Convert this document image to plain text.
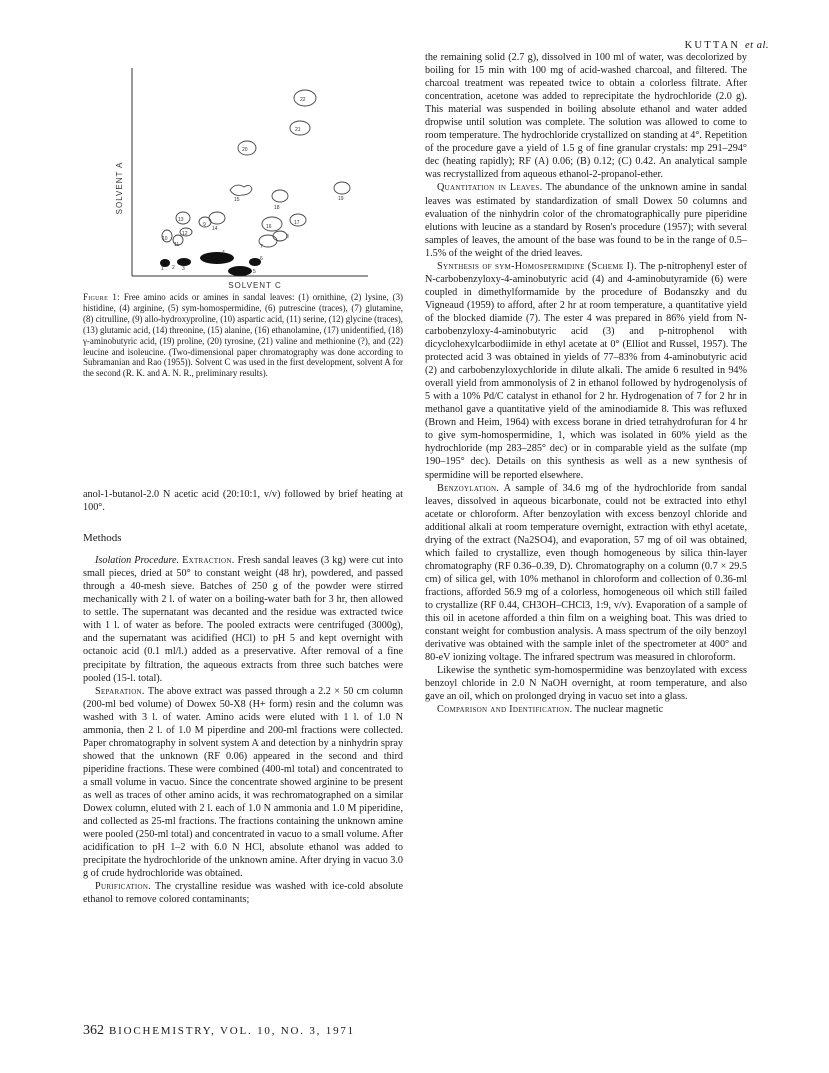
KUTTAN et al.
SOLVENT C
SOLVENT A
22
21
20
15
18
19
14	16
17
13
9
12
10
11
2 3
1
4
6
5
8
7

Figure 1: Free amino acids or amines in sandal leaves: (1) ornithine, (2) lysine, (3) histidine, (4) arginine, (5) sym-homospermidine, (6) putrescine (traces), (7) glutamine, (8) citrulline, (9) allo-hydroxyproline, (10) aspartic acid, (11) serine, (12) glycine (traces), (13) glutamic acid, (14) threonine, (15) alanine, (16) ethanolamine, (17) unidentified, (18) γ-aminobutyric acid, (19) proline, (20) tyrosine, (21) valine and methionine (?), and (22) leucine and isoleucine. (Two-dimensional paper chromatography was done according to Subramanian and Rao (1955)). Solvent C was used in the first development, solvent A for the second (R. K. and A. N. R., preliminary results).

anol-1-butanol-2.0 N acetic acid (20:10:1, v/v) followed by brief heating at 100°.

Methods

Isolation Procedure. Extraction. Fresh sandal leaves (3 kg) were cut into small pieces, dried at 50° to constant weight (48 hr), powdered, and passed through a 40-mesh sieve. Batches of 250 g of the powder were stirred mechanically with 2 l. of water on a boiling-water bath for 3 hr, then allowed to settle. The supernatant was decanted and the residue was extracted twice with 1 l. of water as before. The pooled extracts were centrifuged (3000g), and the supernatant was acidified (HCl) to pH 5 and kept overnight with octanoic acid (0.1 ml/l.) added as a preservative. After removal of a fine precipitate by filtration, the aqueous extracts from three such batches were pooled (15-l. total).

Separation. The above extract was passed through a 2.2 × 50 cm column (200-ml bed volume) of Dowex 50-X8 (H+ form) resin and the column was washed with 3 l. of water. Amino acids were eluted with 1 l. of 1.0 N ammonia, then 2 l. of 1.0 M piperdine and 200-ml fractions were collected. Paper chromatography in solvent system A and detection by a ninhydrin spray showed that the unknown (RF 0.06) appeared in the second and third piperidine fractions. These were combined (400-ml total) and concentrated to a small volume in vacuo. Since the concentrate showed arginine to be present as well as traces of other amino acids, it was rechromatographed on a similar Dowex column, eluted with 2 l. each of 1.0 N ammonia and 1.0 M piperidine, and collected as 25-ml fractions. The fractions containing the unknown amine were pooled (250-ml total) and concentrated in vacuo to a small volume. After acidification to pH 1–2 with 6.0 N HCl, absolute ethanol was added to precipitate the hydrochloride of the unknown amine. After drying in vacuo 3.0 g of crude hydrochloride was obtained.

Purification. The crystalline residue was washed with ice-cold absolute ethanol to remove colored contaminants;

the remaining solid (2.7 g), dissolved in 100 ml of water, was decolorized by boiling for 15 min with 100 mg of acid-washed charcoal, and filtered. The charcoal treatment was repeated twice to obtain a colorless filtrate. After concentration, acetone was added to reprecipitate the hydrochloride (2.0 g). This material was suspended in boiling absolute ethanol and water added dropwise until solution was complete. The solution was allowed to come to room temperature. The hydrochloride crystallized on standing at 4°. Repetition of the procedure gave a yield of 1.5 g of fine granular crystals: mp 291–294° dec (heating rapidly); RF (A) 0.06; (B) 0.12; (C) 0.42. An analytical sample was recrystallized from aqueous ethanol-2-propanol-ether.

Quantitation in Leaves. The abundance of the unknown amine in sandal leaves was estimated by standardization of small Dowex 50 columns and evaluation of the ninhydrin color of the chromatographically pure piperidine elutions with leucine as a standard by Rosen's procedure (1957); with several samples of leaves, the amount of the base was found to be in the range of 0.5–1.5% of the weight of the dried leaves.

Synthesis of sym-Homospermidine (Scheme I). The p-nitrophenyl ester of N-carbobenzyloxy-4-aminobutyric acid (4) and 4-aminobutyramide (6) were coupled in dimethylformamide by the procedure of Bodanszky and du Vigneaud (1959) to afford, after 2 hr at room temperature, a quantitative yield of the blocked diamide (7). The ester 4 was prepared in 86% yield from N-carbobenzyloxy-4-aminobutyric acid (3) and p-nitrophenol with dicyclohexylcarbodiimide in ethyl acetate at 0° (Elliot and Russel, 1957). The protected acid 3 was obtained in yields of 77–83% from 4-aminobutyric acid (2) and carbobenzyloxychloride in dilute alkali. The amide 6 resulted in 94% overall yield from ammonolysis of 2 in ethanol followed by hydrogenolysis of 5 with a 10% Pd/C catalyst in ethanol for 2 hr. Hydrogenation of 7 for 2 hr in methanol gave a quantitative yield of the aminodiamide 8. This was refluxed (Brown and Heim, 1964) with excess borane in dried tetrahydrofuran for 4 hr to give sym-homospermidine, 1, which was isolated in 60% yield as the hydrochloride (mp 283–285° dec) or in comparable yield as the sulfate (mp 190–195° dec). Details on this synthesis as well as a new synthesis of spermidine will be reported elsewhere.

Benzoylation. A sample of 34.6 mg of the hydrochloride from sandal leaves, dissolved in aqueous bicarbonate, could not be extracted into ethyl acetate or chloroform. After benzoylation with excess benzoyl chloride and additional alkali at room temperature overnight, extraction with ethyl acetate, drying of the extract (Na2SO4), and evaporation, 57 mg of oil was obtained, which failed to crystallize, even though homogeneous by silica thin-layer chromatography (RF 0.36–0.39, D). Chromatography on a column (0.7 × 29.5 cm) of silica gel, with 10% methanol in chloroform and collection of 0.36-ml fractions, afforded 56.9 mg of a colorless, homogeneous oil which still failed to crystallize (RF 0.44, CH3OH–CHCl3, 1:9, v/v). Evaporation of a sample of this oil in acetone afforded a thin film on a weighing boat. This was dried to constant weight for combustion analysis. A mass spectrum of the oily benzoyl derivative was obtained with the sample inlet of the spectrometer at 400° and 80-eV ionizing voltage. The infrared spectrum was measured in chloroform.

Likewise the synthetic sym-homospermidine was benzoylated with excess benzoyl chloride in 2.0 N NaOH overnight, at room temperature, and also gave an oil, which on prolonged drying in vacuo set into a glass.

Comparison and Identification. The nuclear magnetic

362 BIOCHEMISTRY, VOL. 10, NO. 3, 1971
